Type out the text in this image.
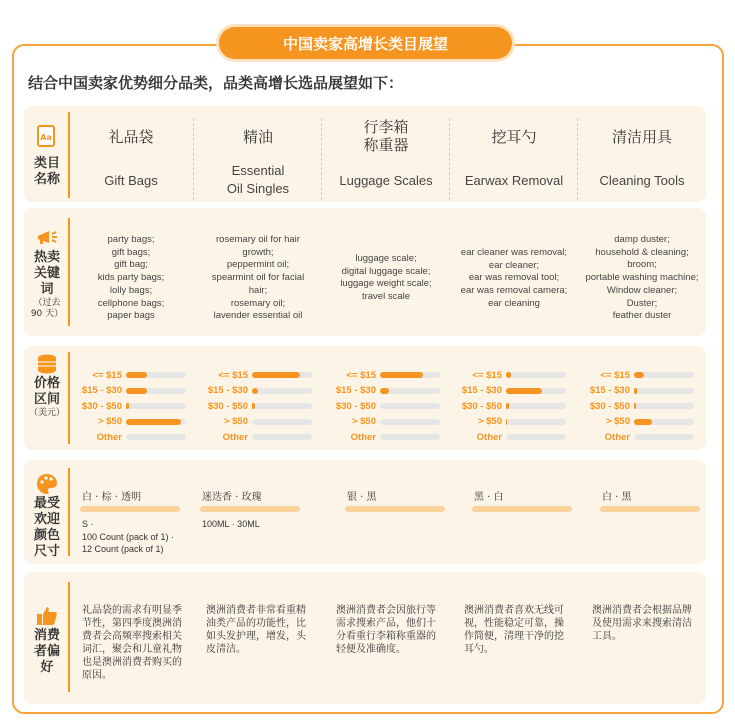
中国卖家高增长类目展望
结合中国卖家优势细分品类，品类高增长选品展望如下：
Aa
类目
名称
热卖
关键
词
（过去
90 天）
价格
区间
（美元）
最受
欢迎
颜色
尺寸
消费
者偏
好
礼品袋
Gift Bags
精油
Essential
Oil Singles
行李箱
称重器
Luggage Scales
挖耳勺
Earwax Removal
清洁用具
Cleaning Tools
party bags;
gift bags;
gift bag;
kids party bags;
lolly bags;
cellphone bags;
paper bags
rosemary oil for hair
growth;
peppermint oil;
spearmint oil for facial
hair;
rosemary oil;
lavender essential oil
luggage scale;
digital luggage scale;
luggage weight scale;
travel scale
ear cleaner was removal;
ear cleaner;
ear was removal tool;
ear was removal camera;
ear cleaning
damp duster;
household & cleaning;
broom;
portable washing machine;
Window cleaner;
Duster;
feather duster
<= $15
$15 - $30
$30 - $50
> $50
Other
<= $15
$15 - $30
$30 - $50
> $50
Other
<= $15
$15 - $30
$30 - $50
> $50
Other
<= $15
$15 - $30
$30 - $50
> $50
Other
<= $15
$15 - $30
$30 - $50
> $50
Other
白 · 棕 · 透明
S ·
100 Count (pack of 1) ·
12 Count (pack of 1)
迷迭香 · 玫瑰
100ML · 30ML
银 · 黑	黑 · 白	白 · 黑
礼品袋的需求有明显季节性，第四季度澳洲消费者会高频率搜索相关词汇，聚会和儿童礼物也是澳洲消费者购买的原因。
澳洲消费者非常看重精油类产品的功能性，比如头发护理，增发，头皮清洁。
澳洲消费者会因旅行等需求搜索产品，他们十分看重行李箱称重器的轻便及准确度。
澳洲消费者喜欢无线可视，性能稳定可靠，操作简便，清理干净的挖耳勺。
澳洲消费者会根据品牌及使用需求来搜索清洁工具。
